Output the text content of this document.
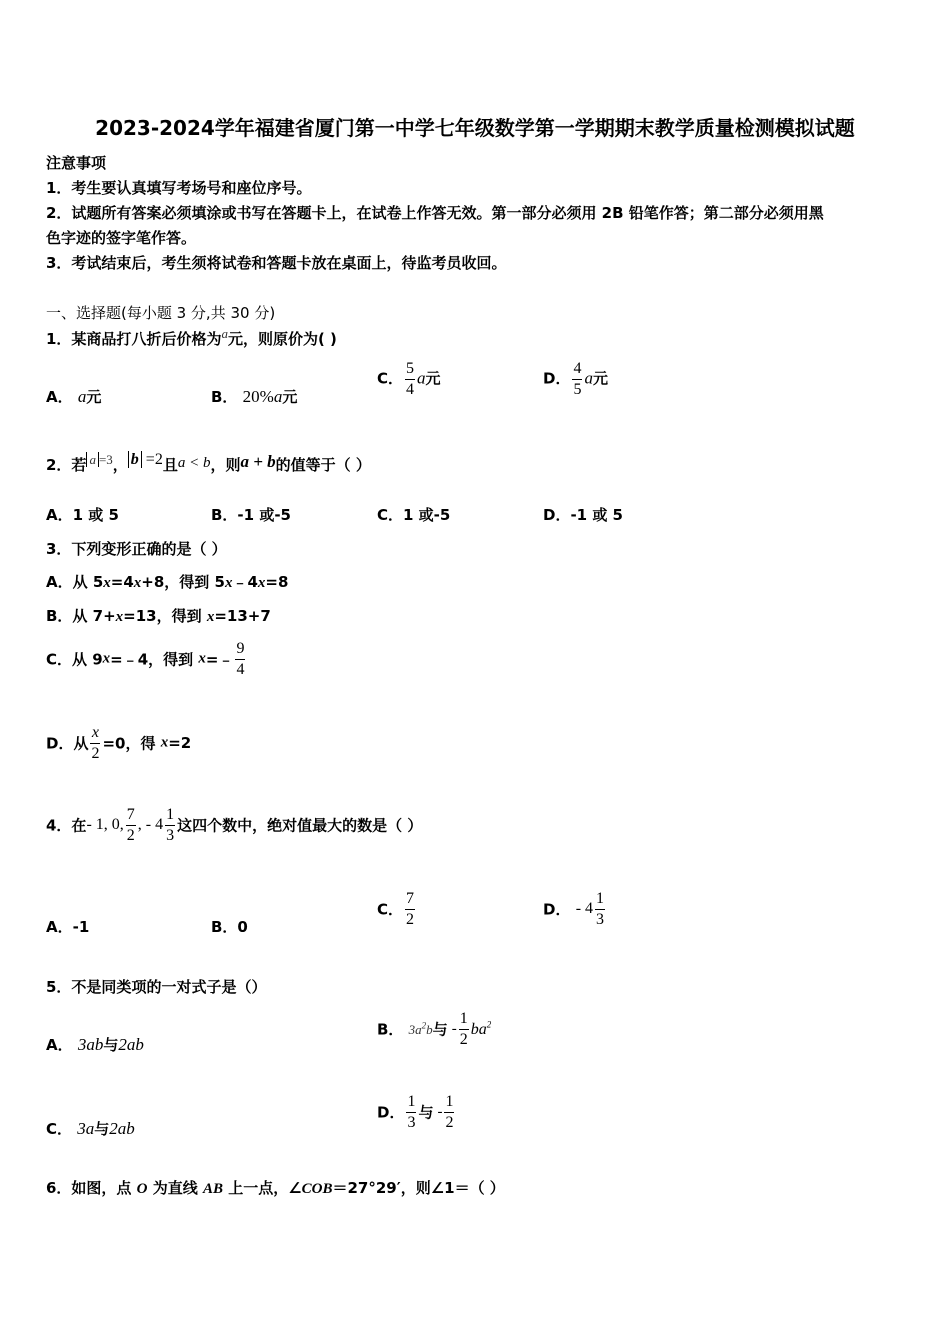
2023-2024学年福建省厦门第一中学七年级数学第一学期期末教学质量检测模拟试题
注意事项
1．考生要认真填写考场号和座位序号。
2．试题所有答案必须填涂或书写在答题卡上，在试卷上作答无效。第一部分必须用 2B 铅笔作答；第二部分必须用黑
色字迹的签字笔作答。
3．考试结束后，考生须将试卷和答题卡放在桌面上，待监考员收回。
一、选择题(每小题 3 分,共 30 分)
1．某商品打八折后价格为a元，则原价为( )
A． a元	B． 20%a元
C． $\frac{5}{4}$ a元	D． $\frac{4}{5}$ a元
2．若 a =3， b =2且a < b，则a + b的值等于（ ）
A．1 或 5	B．-1 或-5	C．1 或-5	D．-1 或 5
3．下列变形正确的是（ ）
A．从 5x=4x+8，得到 5x﹣4x=8
B．从 7+x=13，得到 x=13+7
C．从 9x=﹣4，得到 x=﹣ $\frac{9}{4}$
D．从 $\frac{x}{2} =0$，得 x=2
4．在- 1, 0, $\frac{7}{2}$ , - $4 \frac{1}{3}$ 这四个数中，绝对值最大的数是（ ）
A．-1	B．0
C． $\frac{7}{2}$	D． - $4 \frac{1}{3}$
5．不是同类项的一对式子是（）
A． 3ab与2ab
B． $3a^2b$与 - $\frac{1}{2} ba^2$
C． 3a与2ab
D． $\frac{1}{3}$ 与 - $\frac{1}{2}$
6．如图，点 O 为直线 AB 上一点，∠COB＝27°29′，则∠1＝（ ）
